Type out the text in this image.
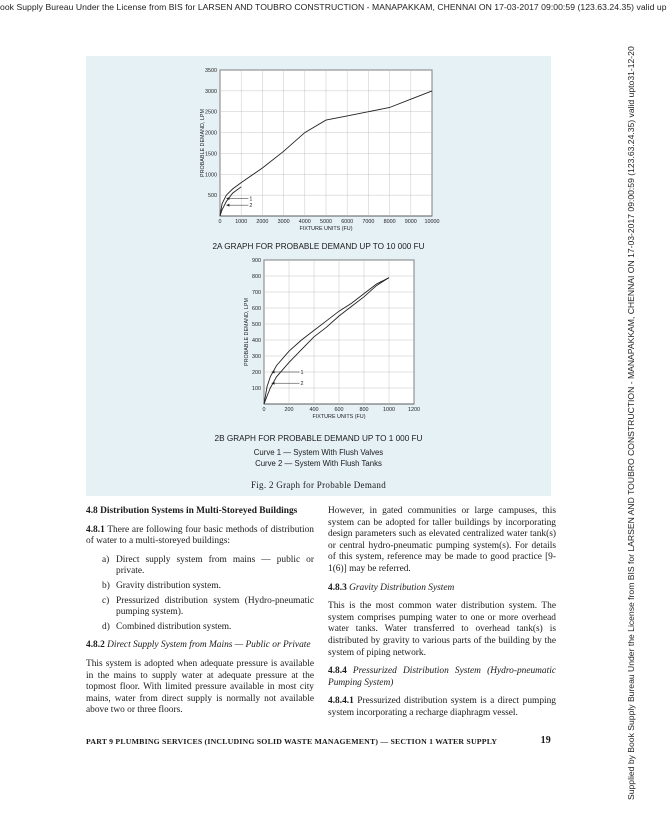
ook Supply Bureau Under the License from BIS for LARSEN AND TOUBRO CONSTRUCTION - MANAPAKKAM, CHENNAI ON 17-03-2017 09:00:59 (123.63.24.35) valid up
Supplied by Book Supply Bureau Under the License from BIS for LARSEN AND TOUBRO CONSTRUCTION - MANAPAKKAM, CHENNAI ON 17-03-2017 09:00:59 (123.63.24.35) valid upto31-12-20
0	1000 2000 3000 4000 5000 6000 7000 8000 9000 10000
500
1000
1500
2000
2500
3000
3500
FIXTURE UNITS (FU)
PROBABLE DEMAND, LPM
1
2
2A GRAPH FOR PROBABLE DEMAND UP TO 10 000 FU
0	200	400	600	800	1000 1200
100
200
300
400
500
600
700
800
900
FIXTURE UNITS (FU)
PROBABLE DEMAND, LPM
1
2
2B GRAPH FOR PROBABLE DEMAND UP TO 1 000 FU
Curve 1 — System With Flush Valves
Curve 2 — System With Flush Tanks
Fig. 2 Graph for Probable Demand

4.8 Distribution Systems in Multi-Storeyed Buildings

4.8.1 There are following four basic methods of distribution of water to a multi-storeyed buildings:

a) Direct supply system from mains — public or private.
b) Gravity distribution system.
c) Pressurized distribution system (Hydro-pneumatic pumping system).
d) Combined distribution system.

4.8.2 Direct Supply System from Mains — Public or Private

This system is adopted when adequate pressure is available in the mains to supply water at adequate pressure at the topmost floor. With limited pressure available in most city mains, water from direct supply is normally not available above two or three floors.

However, in gated communities or large campuses, this system can be adopted for taller buildings by incorporating design parameters such as elevated centralized water tank(s) or central hydro-pneumatic pumping system(s). For details of this system, reference may be made to good practice [9-1(6)] may be referred.

4.8.3 Gravity Distribution System

This is the most common water distribution system. The system comprises pumping water to one or more overhead water tanks. Water transferred to overhead tank(s) is distributed by gravity to various parts of the building by the system of piping network.

4.8.4 Pressurized Distribution System (Hydro-pneumatic Pumping System)

4.8.4.1 Pressurized distribution system is a direct pumping system incorporating a recharge diaphragm vessel.

PART 9 PLUMBING SERVICES (INCLUDING SOLID WASTE MANAGEMENT) — SECTION 1 WATER SUPPLY	19
